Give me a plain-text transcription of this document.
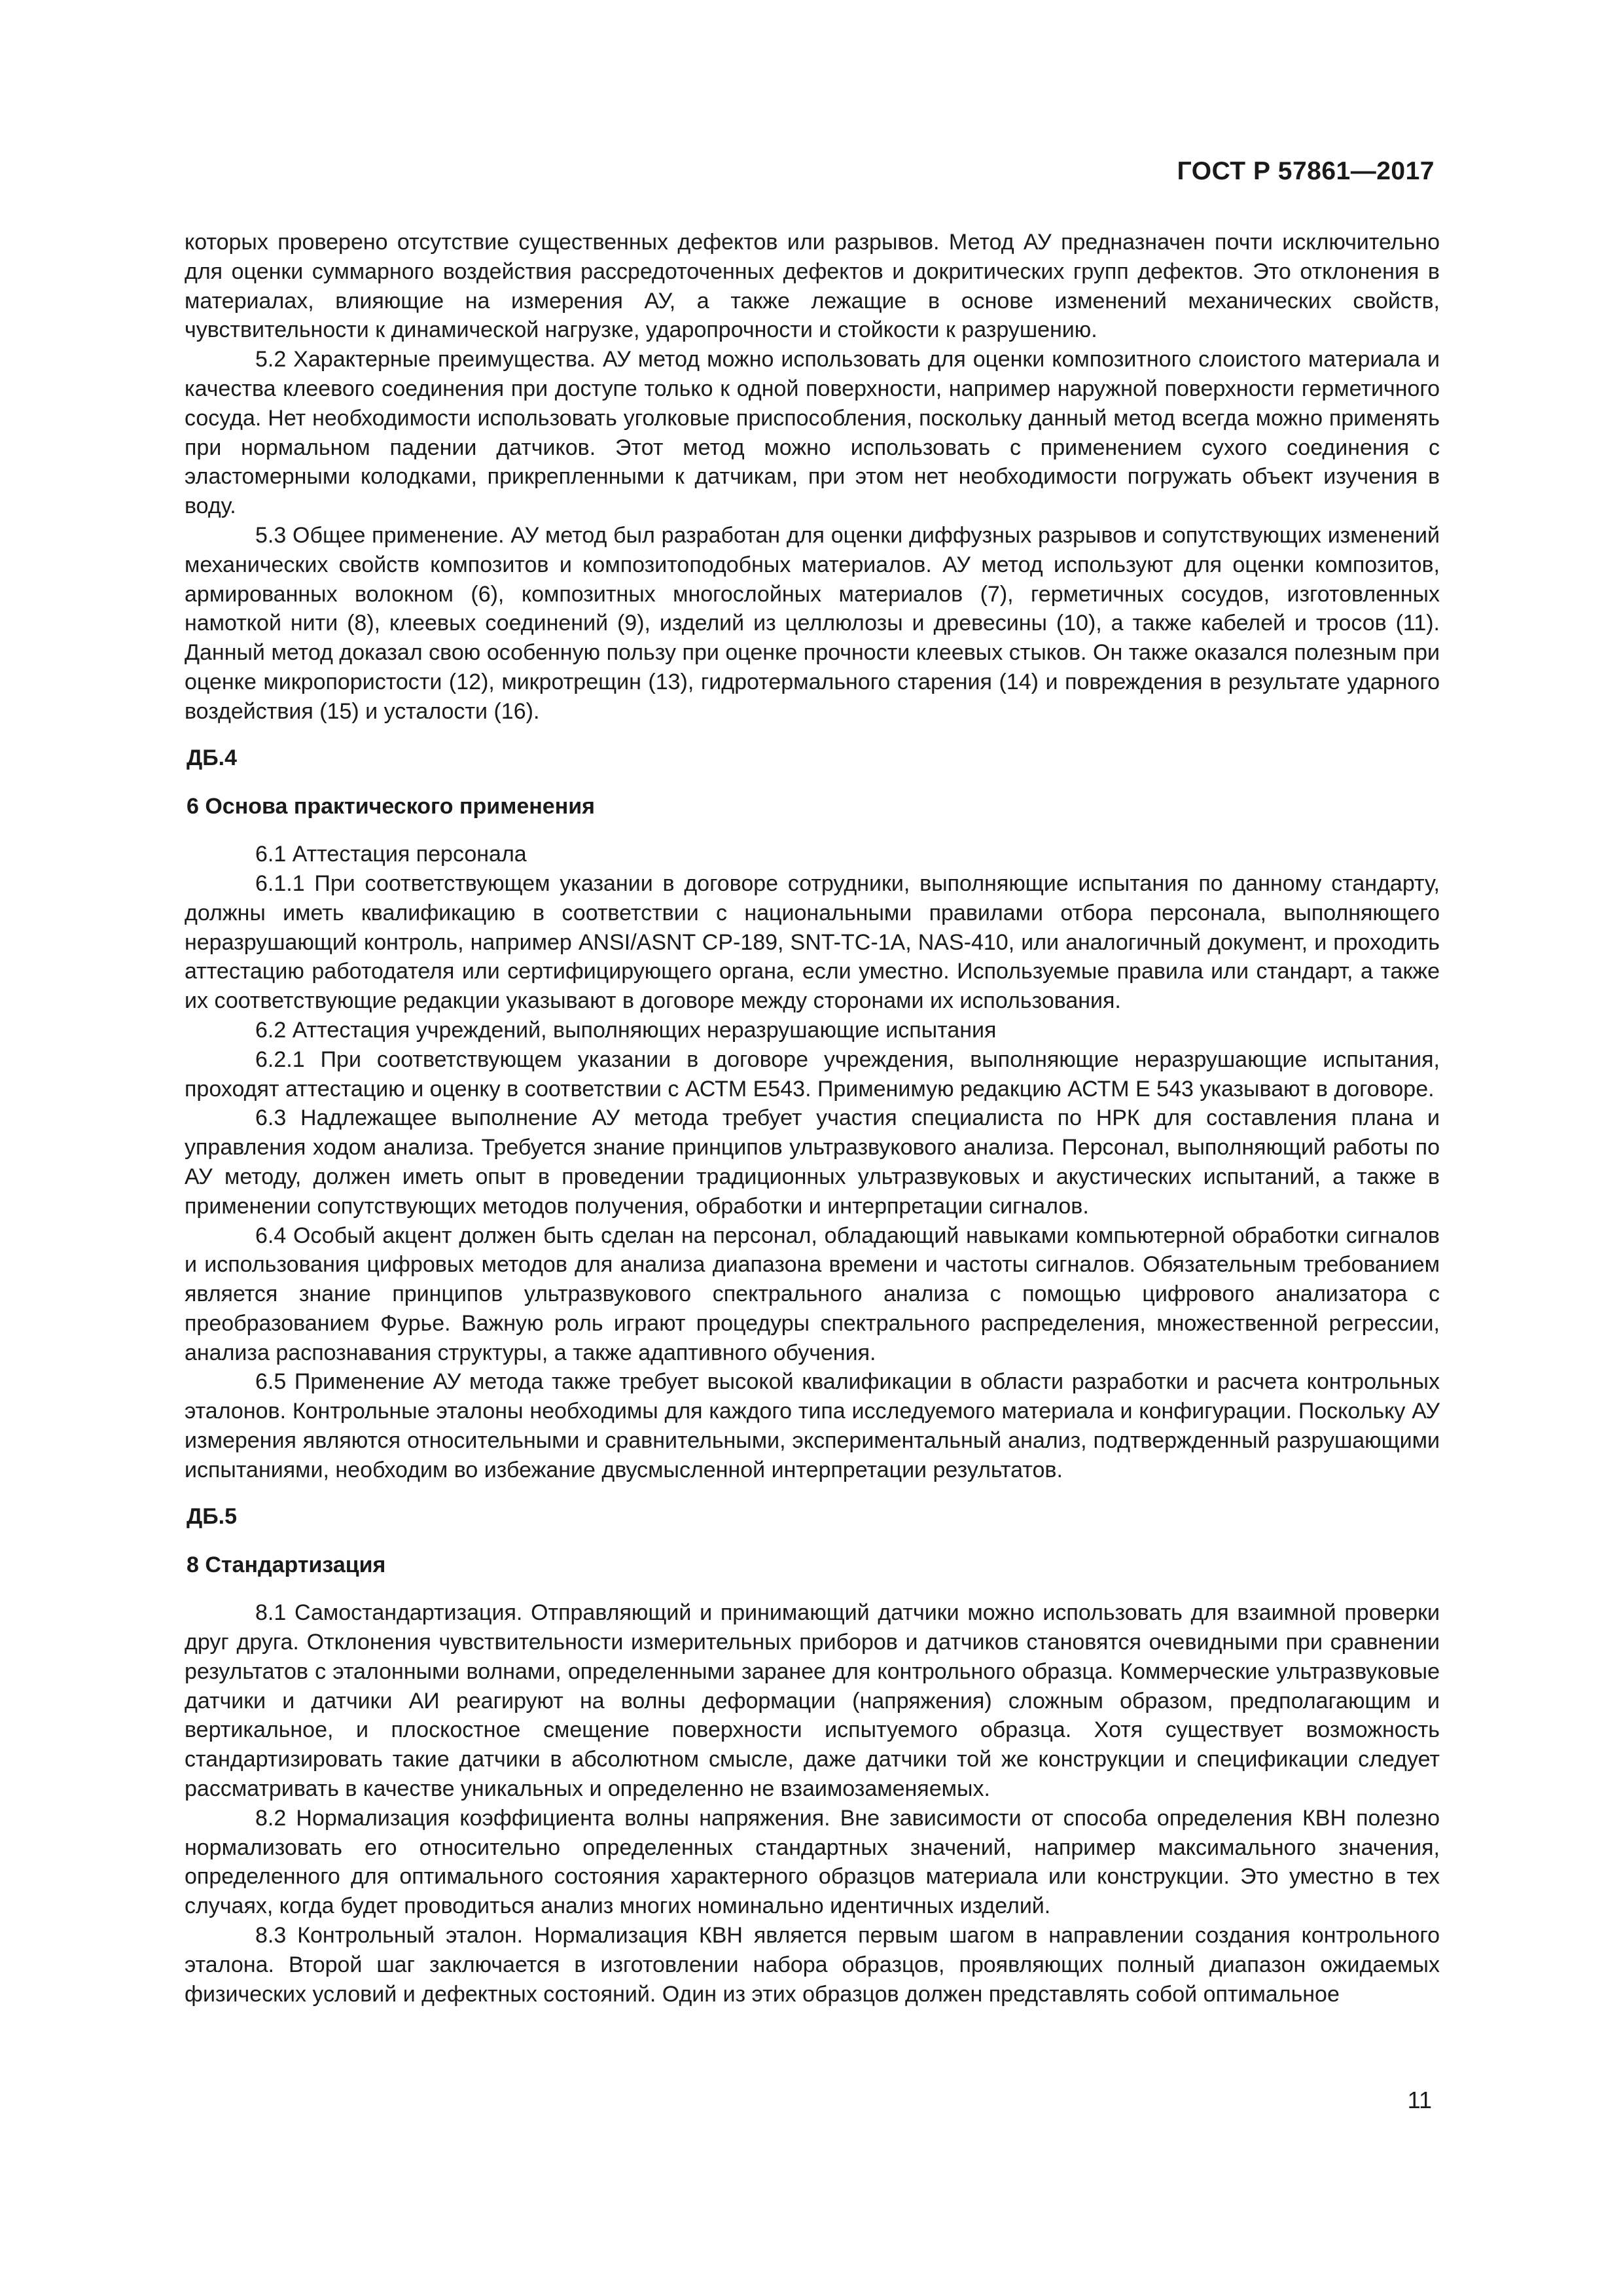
ГОСТ Р 57861—2017

которых проверено отсутствие существенных дефектов или разрывов. Метод АУ предназначен почти исключительно для оценки суммарного воздействия рассредоточенных дефектов и докритических групп дефектов. Это отклонения в материалах, влияющие на измерения АУ, а также лежащие в основе изменений механических свойств, чувствительности к динамической нагрузке, ударопрочности и стойкости к разрушению.

5.2 Характерные преимущества. АУ метод можно использовать для оценки композитного слоистого материала и качества клеевого соединения при доступе только к одной поверхности, например наружной поверхности герметичного сосуда. Нет необходимости использовать уголковые приспособления, поскольку данный метод всегда можно применять при нормальном падении датчиков. Этот метод можно использовать с применением сухого соединения с эластомерными колодками, прикрепленными к датчикам, при этом нет необходимости погружать объект изучения в воду.

5.3 Общее применение. АУ метод был разработан для оценки диффузных разрывов и сопутствующих изменений механических свойств композитов и композитоподобных материалов. АУ метод используют для оценки композитов, армированных волокном (6), композитных многослойных материалов (7), герметичных сосудов, изготовленных намоткой нити (8), клеевых соединений (9), изделий из целлюлозы и древесины (10), а также кабелей и тросов (11). Данный метод доказал свою особенную пользу при оценке прочности клеевых стыков. Он также оказался полезным при оценке микропористости (12), микротрещин (13), гидротермального старения (14) и повреждения в результате ударного воздействия (15) и усталости (16).

ДБ.4
6 Основа практического применения

6.1 Аттестация персонала

6.1.1 При соответствующем указании в договоре сотрудники, выполняющие испытания по данному стандарту, должны иметь квалификацию в соответствии с национальными правилами отбора персонала, выполняющего неразрушающий контроль, например ANSI/ASNT CP-189, SNT-TC-1A, NAS-410, или аналогичный документ, и проходить аттестацию работодателя или сертифицирующего органа, если уместно. Используемые правила или стандарт, а также их соответствующие редакции указывают в договоре между сторонами их использования.

6.2 Аттестация учреждений, выполняющих неразрушающие испытания

6.2.1 При соответствующем указании в договоре учреждения, выполняющие неразрушающие испытания, проходят аттестацию и оценку в соответствии с АСТМ Е543. Применимую редакцию АСТМ Е 543 указывают в договоре.

6.3 Надлежащее выполнение АУ метода требует участия специалиста по НРК для составления плана и управления ходом анализа. Требуется знание принципов ультразвукового анализа. Персонал, выполняющий работы по АУ методу, должен иметь опыт в проведении традиционных ультразвуковых и акустических испытаний, а также в применении сопутствующих методов получения, обработки и интерпретации сигналов.

6.4 Особый акцент должен быть сделан на персонал, обладающий навыками компьютерной обработки сигналов и использования цифровых методов для анализа диапазона времени и частоты сигналов. Обязательным требованием является знание принципов ультразвукового спектрального анализа с помощью цифрового анализатора с преобразованием Фурье. Важную роль играют процедуры спектрального распределения, множественной регрессии, анализа распознавания структуры, а также адаптивного обучения.

6.5 Применение АУ метода также требует высокой квалификации в области разработки и расчета контрольных эталонов. Контрольные эталоны необходимы для каждого типа исследуемого материала и конфигурации. Поскольку АУ измерения являются относительными и сравнительными, экспериментальный анализ, подтвержденный разрушающими испытаниями, необходим во избежание двусмысленной интерпретации результатов.

ДБ.5
8 Стандартизация

8.1 Самостандартизация. Отправляющий и принимающий датчики можно использовать для взаимной проверки друг друга. Отклонения чувствительности измерительных приборов и датчиков становятся очевидными при сравнении результатов с эталонными волнами, определенными заранее для контрольного образца. Коммерческие ультразвуковые датчики и датчики АИ реагируют на волны деформации (напряжения) сложным образом, предполагающим и вертикальное, и плоскостное смещение поверхности испытуемого образца. Хотя существует возможность стандартизировать такие датчики в абсолютном смысле, даже датчики той же конструкции и спецификации следует рассматривать в качестве уникальных и определенно не взаимозаменяемых.

8.2 Нормализация коэффициента волны напряжения. Вне зависимости от способа определения КВН полезно нормализовать его относительно определенных стандартных значений, например максимального значения, определенного для оптимального состояния характерного образцов материала или конструкции. Это уместно в тех случаях, когда будет проводиться анализ многих номинально идентичных изделий.

8.3 Контрольный эталон. Нормализация КВН является первым шагом в направлении создания контрольного эталона. Второй шаг заключается в изготовлении набора образцов, проявляющих полный диапазон ожидаемых физических условий и дефектных состояний. Один из этих образцов должен представлять собой оптимальное

11
